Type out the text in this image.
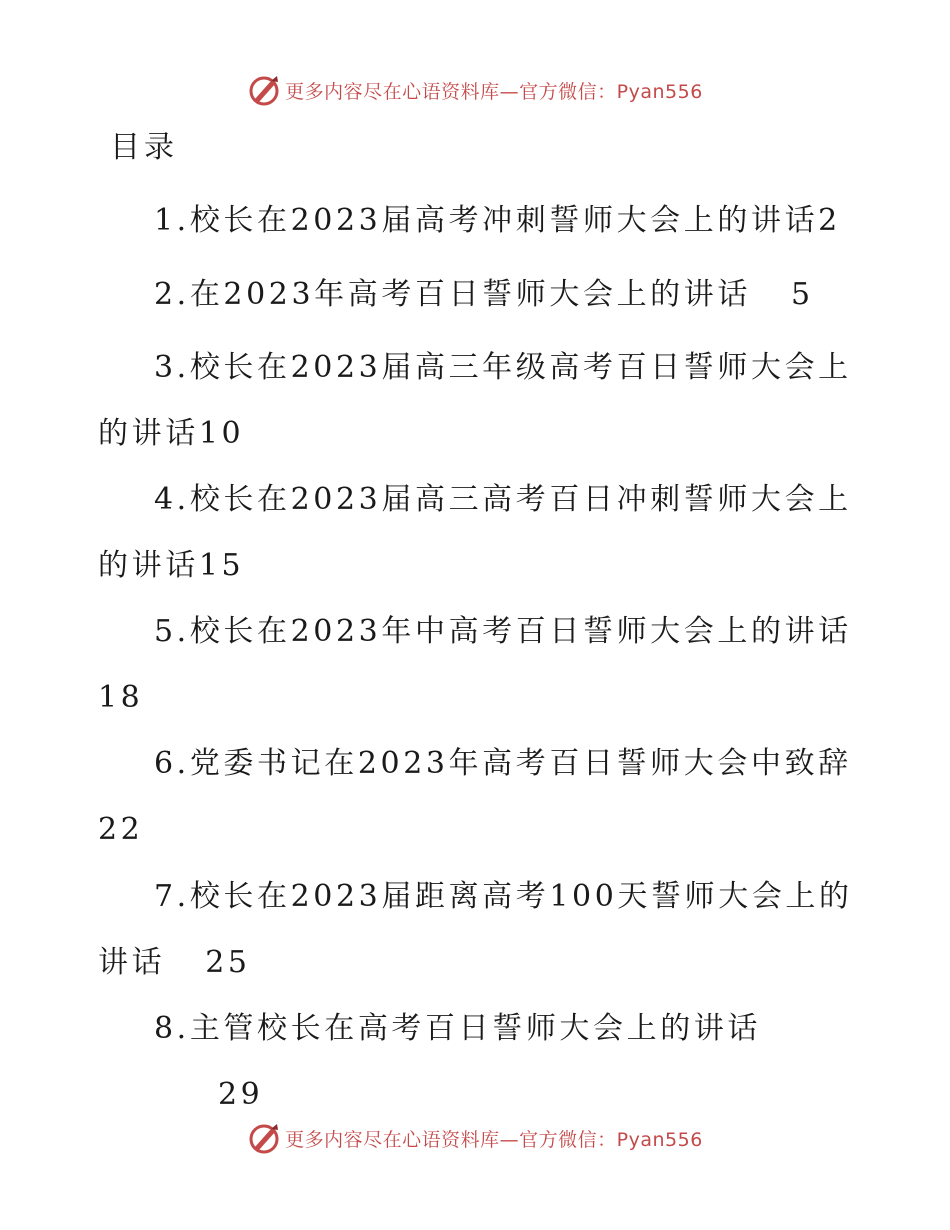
更多内容尽在心语资料库—官方微信：Pyan556
目录
1.校长在2023届高考冲刺誓师大会上的讲话2
2.在2023年高考百日誓师大会上的讲话 5
3.校长在2023届高三年级高考百日誓师大会上的讲话10
4.校长在2023届高三高考百日冲刺誓师大会上的讲话15
5.校长在2023年中高考百日誓师大会上的讲话18
6.党委书记在2023年高考百日誓师大会中致辞22
7.校长在2023届距离高考100天誓师大会上的讲话 25
8.主管校长在高考百日誓师大会上的讲话29
更多内容尽在心语资料库—官方微信：Pyan556
